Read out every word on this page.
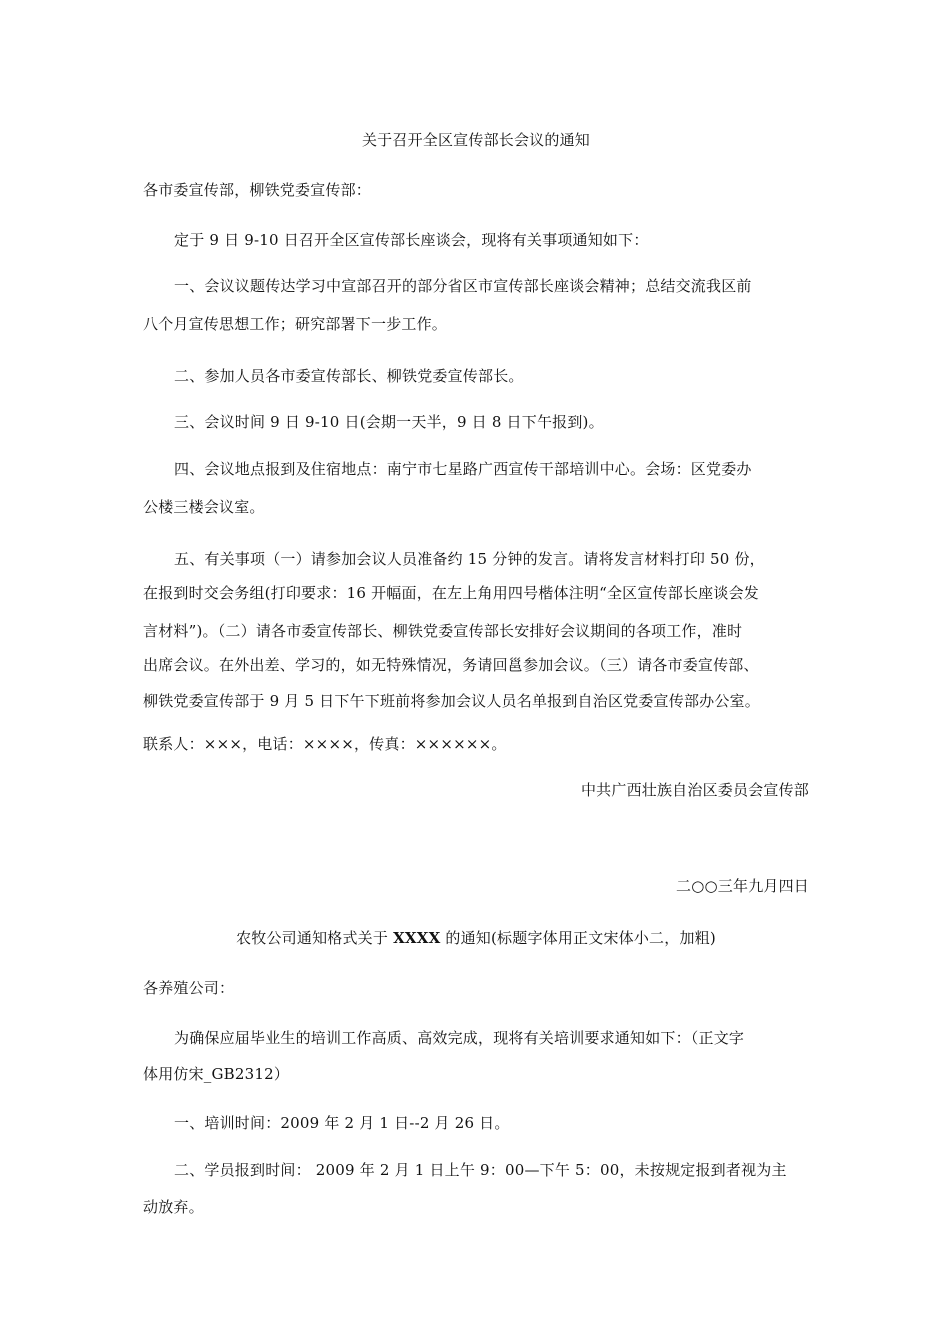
关于召开全区宣传部长会议的通知
各市委宣传部，柳铁党委宣传部：
定于 9 日 9-10 日召开全区宣传部长座谈会，现将有关事项通知如下：
一、会议议题传达学习中宣部召开的部分省区市宣传部长座谈会精神；总结交流我区前
八个月宣传思想工作；研究部署下一步工作。
二、参加人员各市委宣传部长、柳铁党委宣传部长。
三、会议时间 9 日 9-10 日(会期一天半，9 日 8 日下午报到)。
四、会议地点报到及住宿地点：南宁市七星路广西宣传干部培训中心。会场：区党委办
公楼三楼会议室。
五、有关事项（一）请参加会议人员准备约 15 分钟的发言。请将发言材料打印 50 份，
在报到时交会务组(打印要求：16 开幅面，在左上角用四号楷体注明“全区宣传部长座谈会发
言材料”)。（二）请各市委宣传部长、柳铁党委宣传部长安排好会议期间的各项工作，准时
出席会议。在外出差、学习的，如无特殊情况，务请回邕参加会议。（三）请各市委宣传部、
柳铁党委宣传部于 9 月 5 日下午下班前将参加会议人员名单报到自治区党委宣传部办公室。
联系人：×××，电话：××××，传真：××××××。
中共广西壮族自治区委员会宣传部
二○○三年九月四日
农牧公司通知格式关于 XXXX 的通知(标题字体用正文宋体小二，加粗)
各养殖公司：
为确保应届毕业生的培训工作高质、高效完成，现将有关培训要求通知如下：（正文字
体用仿宋_GB2312）
一、培训时间：2009 年 2 月 1 日--2 月 26 日。
二、学员报到时间： 2009 年 2 月 1 日上午 9：00—下午 5：00，未按规定报到者视为主
动放弃。
